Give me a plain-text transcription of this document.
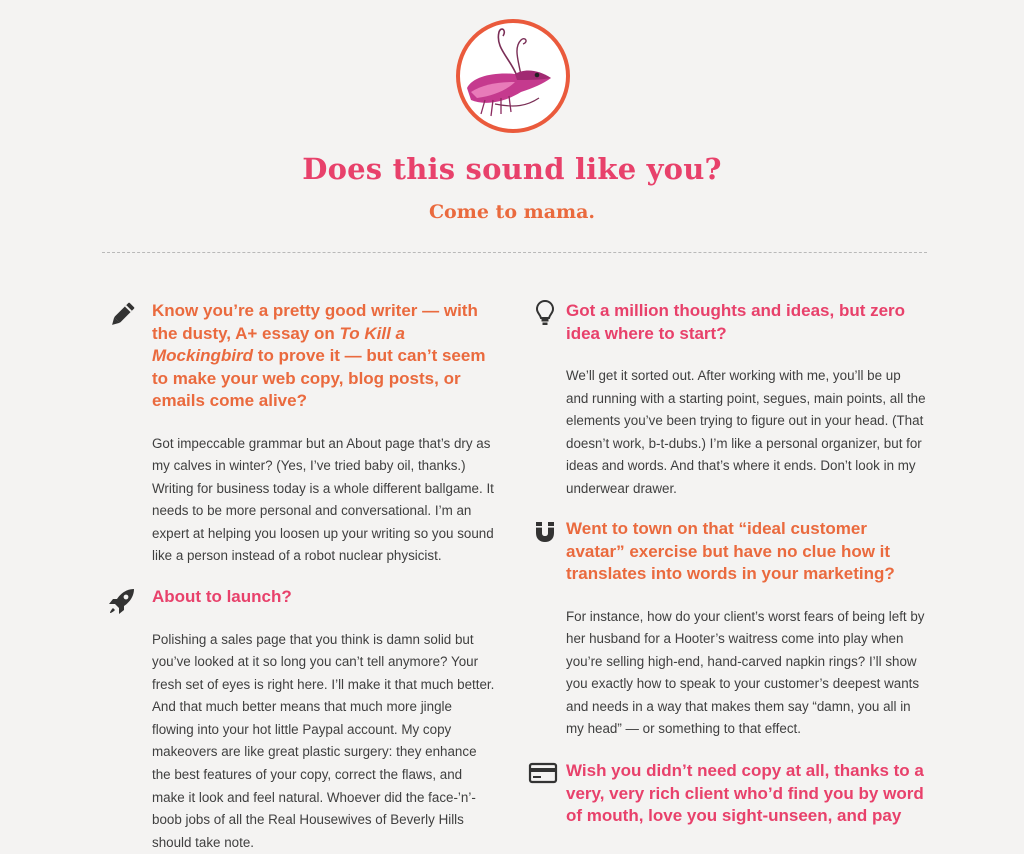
Does this sound like you?
Come to mama.
Know you’re a pretty good writer — with the dusty, A+ essay on To Kill a Mockingbird to prove it — but can’t seem to make your web copy, blog posts, or emails come alive?

Got impeccable grammar but an About page that’s dry as my calves in winter? (Yes, I’ve tried baby oil, thanks.) Writing for business today is a whole different ballgame. It needs to be more personal and conversational. I’m an expert at helping you loosen up your writing so you sound like a person instead of a robot nuclear physicist.

About to launch?

Polishing a sales page that you think is damn solid but you’ve looked at it so long you can’t tell anymore? Your fresh set of eyes is right here. I’ll make it that much better. And that much better means that much more jingle flowing into your hot little Paypal account. My copy makeovers are like great plastic surgery: they enhance the best features of your copy, correct the flaws, and make it look and feel natural. Whoever did the face-’n’-boob jobs of all the Real Housewives of Beverly Hills should take note.

Got a million thoughts and ideas, but zero idea where to start?

We’ll get it sorted out. After working with me, you’ll be up and running with a starting point, segues, main points, all the elements you’ve been trying to figure out in your head. (That doesn’t work, b-t-dubs.) I’m like a personal organizer, but for ideas and words. And that’s where it ends. Don’t look in my underwear drawer.

Went to town on that “ideal customer avatar” exercise but have no clue how it translates into words in your marketing?

For instance, how do your client’s worst fears of being left by her husband for a Hooter’s waitress come into play when you’re selling high-end, hand-carved napkin rings? I’ll show you exactly how to speak to your customer’s deepest wants and needs in a way that makes them say “damn, you all in my head” — or something to that effect.

Wish you didn’t need copy at all, thanks to a very, very rich client who’d find you by word of mouth, love you sight-unseen, and pay
